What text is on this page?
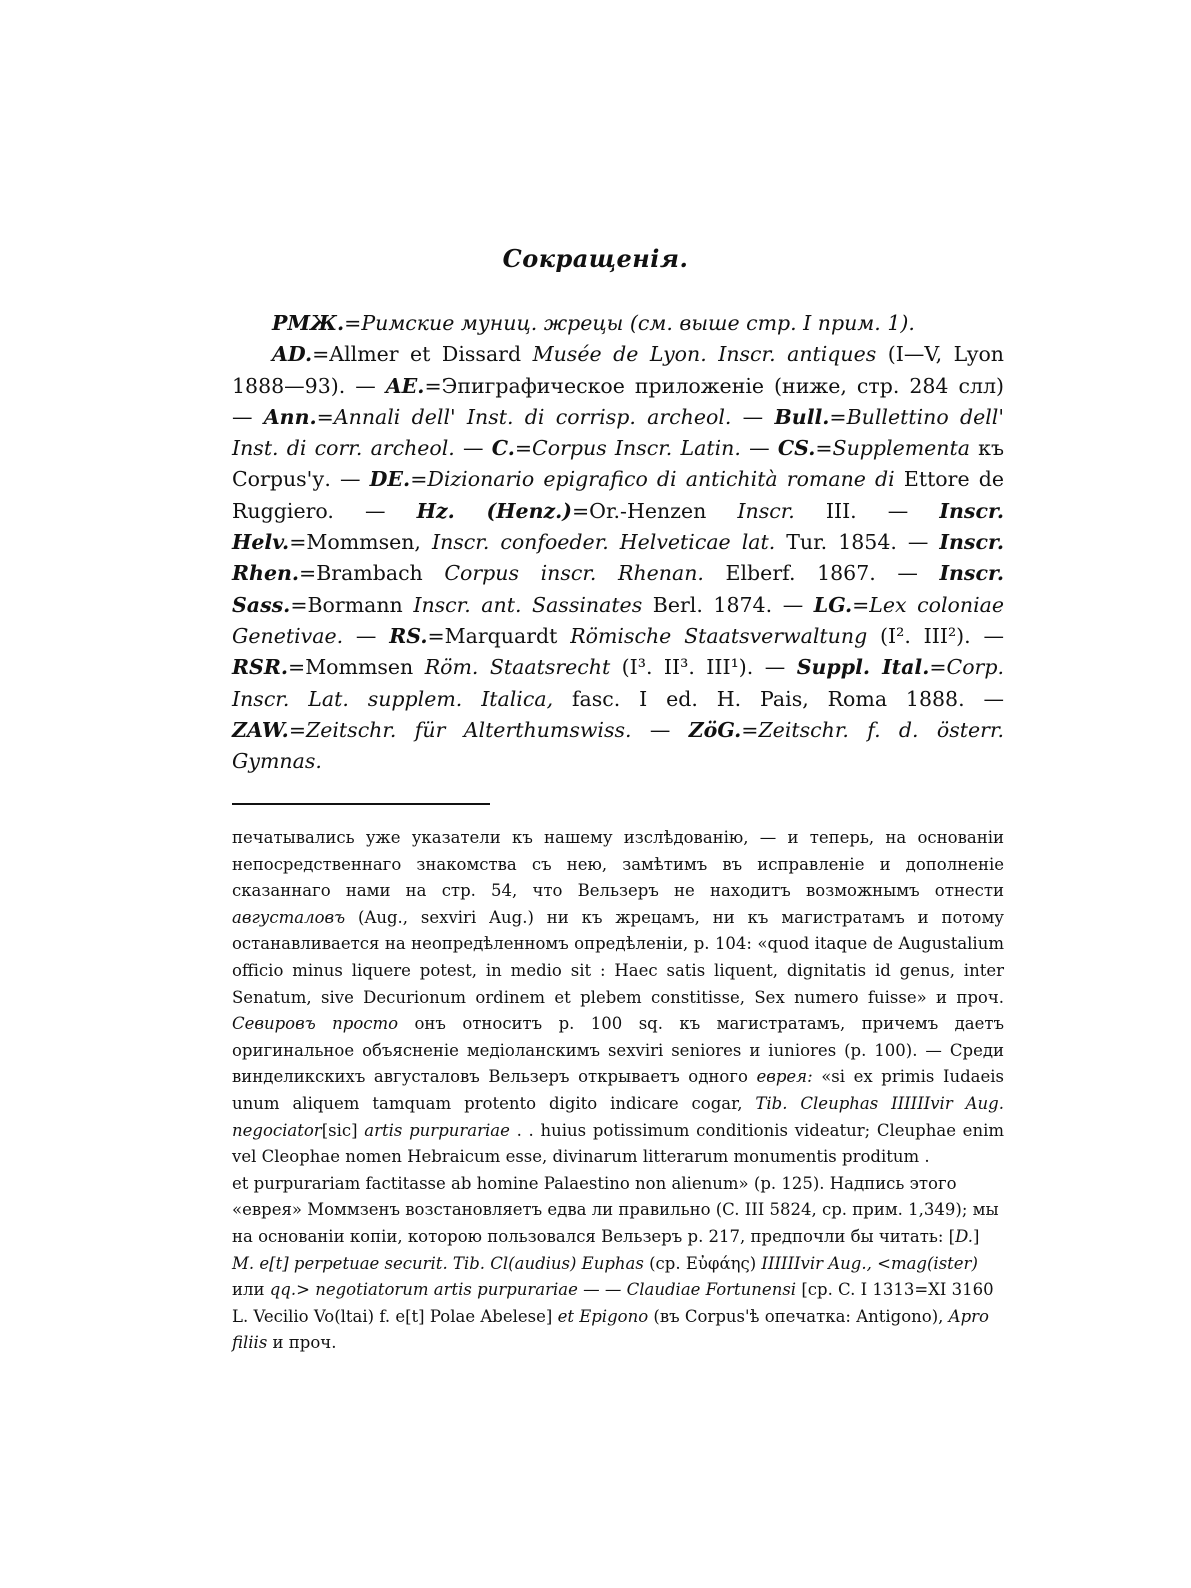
Сокращенія.

РМЖ.=Римские муниц. жрецы (см. выше стр. I прим. 1).

AD.=Allmer et Dissard Musée de Lyon. Inscr. antiques (I—V, Lyon 1888—93). — AE.=Эпиграфическое приложеніе (ниже, стр. 284 слл) — Ann.=Annali dell' Inst. di corrisp. archeol. — Bull.=Bullettino dell' Inst. di corr. archeol. — C.=Corpus Inscr. Latin. — CS.=Supplementa къ Corpus'у. — DE.=Dizionario epigrafico di antichità romane di Ettore de Ruggiero. — Hz. (Henz.)=Or.-Henzen Inscr. III. — Inscr. Helv.=Mommsen, Inscr. confoeder. Helveticae lat. Tur. 1854. — Inscr. Rhen.=Brambach Corpus inscr. Rhenan. Elberf. 1867. — Inscr. Sass.=Bormann Inscr. ant. Sassinates Berl. 1874. — LG.=Lex coloniae Genetivae. — RS.=Marquardt Römische Staatsverwaltung (I². III²). — RSR.=Mommsen Röm. Staatsrecht (I³. II³. III¹). — Suppl. Ital.=Corp. Inscr. Lat. supplem. Italica, fasc. I ed. H. Pais, Roma 1888. — ZAW.=Zeitschr. für Alterthumswiss. — ZöG.=Zeitschr. f. d. österr. Gymnas.

печатывались уже указатели къ нашему изслѣдованію, — и теперь, на основаніи непосредственнаго знакомства съ нею, замѣтимъ въ исправленіе и дополненіе сказаннаго нами на стр. 54, что Вельзеръ не находитъ возможнымъ отнести августаловъ (Aug., sexviri Aug.) ни къ жрецамъ, ни къ магистратамъ и потому останавливается на неопредѣленномъ опредѣленіи, p. 104: «quod itaque de Augustalium officio minus liquere potest, in medio sit : Haec satis liquent, dignitatis id genus, inter Senatum, sive Decurionum ordinem et plebem constitisse, Sex numero fuisse» и проч. Севировъ просто онъ относитъ p. 100 sq. къ магистратамъ, причемъ даетъ оригинальное объясненіе медіоланскимъ sexviri seniores и iuniores (p. 100). — Среди винделикскихъ августаловъ Вельзеръ открываетъ одного еврея: «si ex primis Iudaeis unum aliquem tamquam protento digito indicare cogar, Tib. Cleuphas IIIIIIvir Aug. negociator[sic] artis purpurariae . . huius potissimum conditionis videatur; Cleuphae enim vel Cleophae nomen Hebraicum esse, divinarum litterarum monumentis proditum .

et purpurariam factitasse ab homine Palaestino non alienum» (p. 125). Надпись этого «еврея» Моммзенъ возстановляетъ едва ли правильно (C. III 5824, ср. прим. 1,349); мы на основаніи копіи, которою пользовался Вельзеръ p. 217, предпочли бы читать: [D.] M. e[t] perpetuae securit. Tib. Cl(audius) Euphas (ср. Εὐφάης) IIIIIIvir Aug., <mag(ister) или qq.> negotiatorum artis purpurariae — — Claudiae Fortunensi [ср. C. I 1313=XI 3160 L. Vecilio Vo(ltai) f. e[t] Polae Abelese] et Epigono (въ Corpus'ѣ опечатка: Antigono), Apro filiis и проч.
